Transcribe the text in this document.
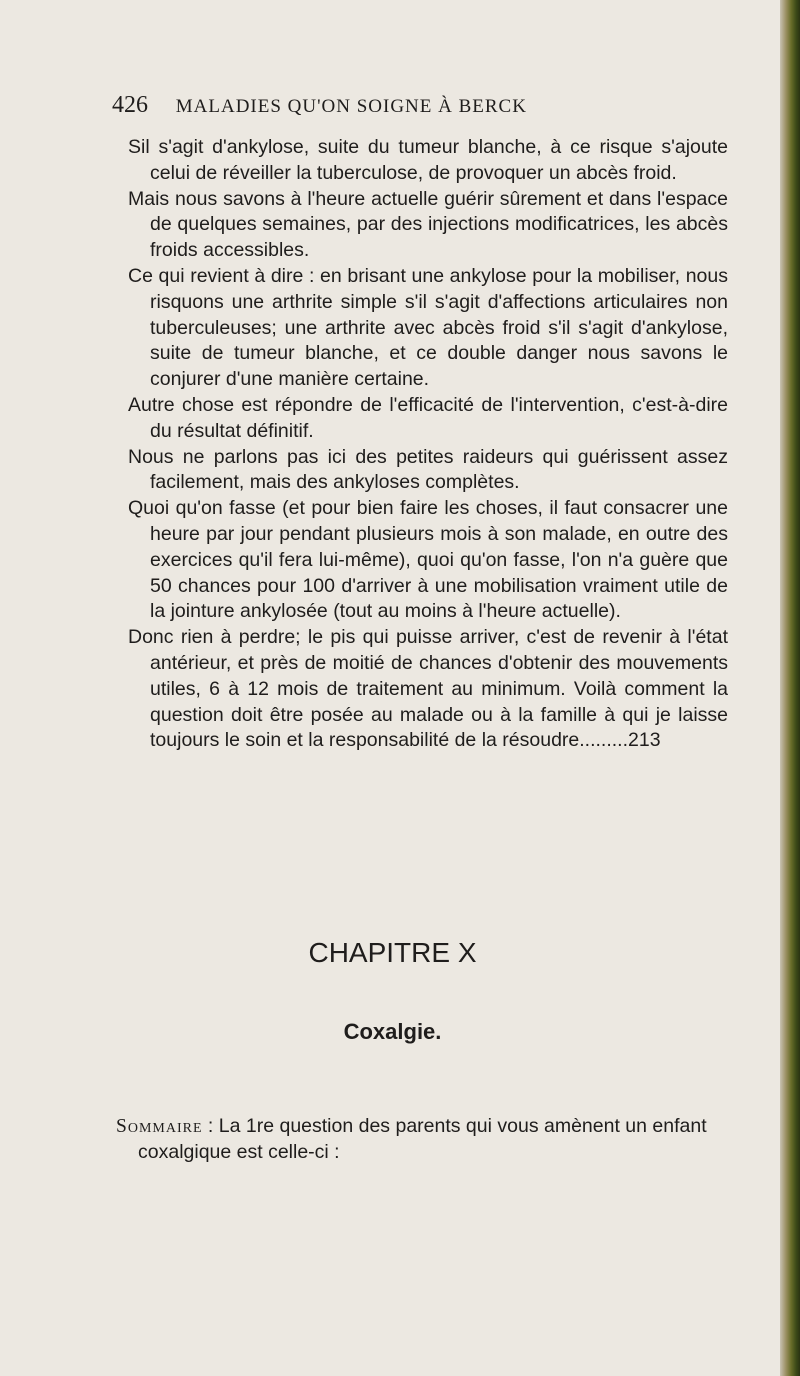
426 MALADIES QU'ON SOIGNE À BERCK

Sil s'agit d'ankylose, suite du tumeur blanche, à ce risque s'ajoute celui de réveiller la tuberculose, de provoquer un abcès froid.

Mais nous savons à l'heure actuelle guérir sûrement et dans l'espace de quelques semaines, par des injections modificatrices, les abcès froids accessibles.

Ce qui revient à dire : en brisant une ankylose pour la mobiliser, nous risquons une arthrite simple s'il s'agit d'affections articulaires non tuberculeuses; une arthrite avec abcès froid s'il s'agit d'ankylose, suite de tumeur blanche, et ce double danger nous savons le conjurer d'une manière certaine.

Autre chose est répondre de l'efficacité de l'intervention, c'est-à-dire du résultat définitif.

Nous ne parlons pas ici des petites raideurs qui guérissent assez facilement, mais des ankyloses complètes.

Quoi qu'on fasse (et pour bien faire les choses, il faut consacrer une heure par jour pendant plusieurs mois à son malade, en outre des exercices qu'il fera lui-même), quoi qu'on fasse, l'on n'a guère que 50 chances pour 100 d'arriver à une mobilisation vraiment utile de la jointure ankylosée (tout au moins à l'heure actuelle).

Donc rien à perdre; le pis qui puisse arriver, c'est de revenir à l'état antérieur, et près de moitié de chances d'obtenir des mouvements utiles, 6 à 12 mois de traitement au minimum. Voilà comment la question doit être posée au malade ou à la famille à qui je laisse toujours le soin et la responsabilité de la résoudre.........213

CHAPITRE X
Coxalgie.
Sommaire : La 1re question des parents qui vous amènent un enfant coxalgique est celle-ci :
